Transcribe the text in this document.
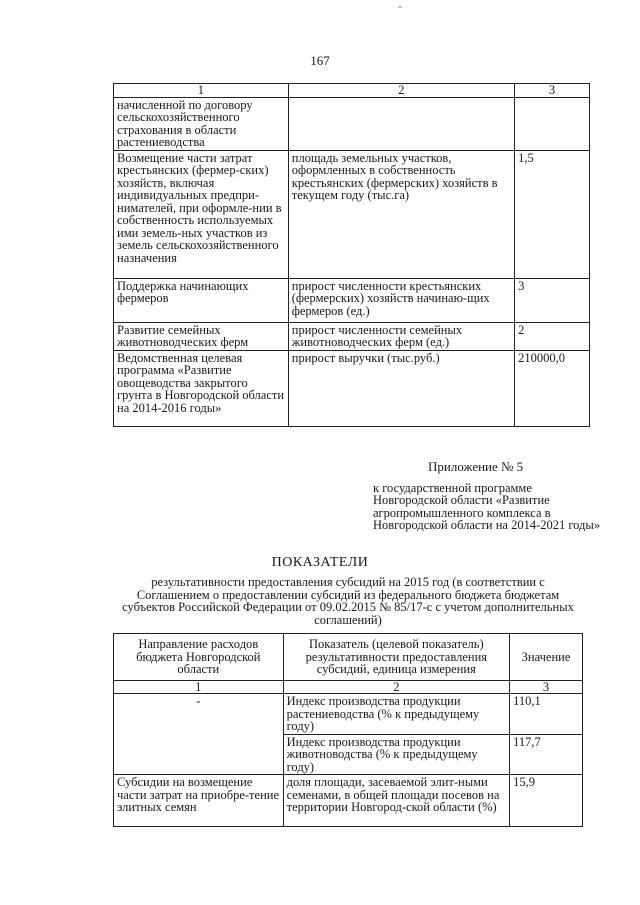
-
167
1	2	3
начисленной по договору сельскохозяйственного страхования в области растениеводства		
Возмещение части затрат крестьянских (фермер-ских) хозяйств, включая индивидуальных предпри-нимателей, при оформле-нии в собственность используемых ими земель-ных участков из земель сельскохозяйственного назначения	площадь земельных участков, оформленных в собственность крестьянских (фермерских) хозяйств в текущем году (тыс.га)	1,5
Поддержка начинающих фермеров	прирост численности крестьянских (фермерских) хозяйств начинаю-щих фермеров (ед.)	3
Развитие семейных животноводческих ферм	прирост численности семейных животноводческих ферм (ед.)	2
Ведомственная целевая программа «Развитие овощеводства закрытого грунта в Новгородской области на 2014-2016 годы»	прирост выручки (тыс.руб.)	210000,0
Приложение № 5
к государственной программе Новгородской области «Развитие агропромышленного комплекса в Новгородской области на 2014-2021 годы»
ПОКАЗАТЕЛИ
результативности предоставления субсидий на 2015 год (в соответствии с Соглашением о предоставлении субсидий из федерального бюджета бюджетам субъектов Российской Федерации от 09.02.2015 № 85/17-с с учетом дополнительных соглашений)
Направление расходов бюджета Новгородской области	Показатель (целевой показатель) результативности предоставления субсидий, единица измерения	Значение
1	2	3
-	Индекс производства продукции растениеводства (% к предыдущему году)	110,1
	Индекс производства продукции животноводства (% к предыдущему году)	117,7
Субсидии на возмещение части затрат на приобре-тение элитных семян	доля площади, засеваемой элит-ными семенами, в общей площади посевов на территории Новгород-ской области (%)	15,9
